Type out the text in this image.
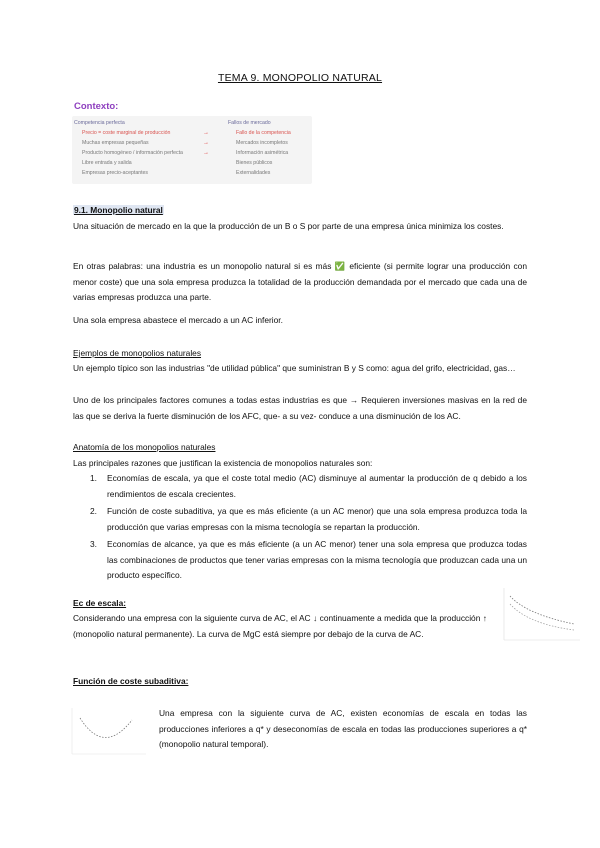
TEMA 9. MONOPOLIO NATURAL
Contexto:
Competencia perfecta
Precio = coste marginal de producción
Muchas empresas pequeñas
Producto homogéneo / información perfecta
Libre entrada y salida
Empresas precio-aceptantes
→
→
→
Fallos de mercado
Fallo de la competencia
Mercados incompletos
Información asimétrica
Bienes públicos
Externalidades
9.1. Monopolio natural
Una situación de mercado en la que la producción de un B o S por parte de una empresa única minimiza los costes.
En otras palabras: una industria es un monopolio natural si es más ✅ eficiente (si permite lograr una producción con menor coste) que una sola empresa produzca la totalidad de la producción demandada por el mercado que cada una de varias empresas produzca una parte.
Una sola empresa abastece el mercado a un AC inferior.
Ejemplos de monopolios naturales
Un ejemplo típico son las industrias "de utilidad pública" que suministran B y S como: agua del grifo, electricidad, gas…
Uno de los principales factores comunes a todas estas industrias es que → Requieren inversiones masivas en la red de las que se deriva la fuerte disminución de los AFC, que- a su vez- conduce a una disminución de los AC.
Anatomía de los monopolios naturales
Las principales razones que justifican la existencia de monopolios naturales son:
1. Economías de escala, ya que el coste total medio (AC) disminuye al aumentar la producción de q debido a los rendimientos de escala crecientes.
2. Función de coste subaditiva, ya que es más eficiente (a un AC menor) que una sola empresa produzca toda la producción que varias empresas con la misma tecnología se repartan la producción.
3. Economías de alcance, ya que es más eficiente (a un AC menor) tener una sola empresa que produzca todas las combinaciones de productos que tener varias empresas con la misma tecnología que produzcan cada una un producto específico.
Ec de escala:
Considerando una empresa con la siguiente curva de AC, el AC ↓ continuamente a medida que la producción ↑ (monopolio natural permanente). La curva de MgC está siempre por debajo de la curva de AC.
Función de coste subaditiva:
Una empresa con la siguiente curva de AC, existen economías de escala en todas las producciones inferiores a q* y deseconomías de escala en todas las producciones superiores a q*(monopolio natural temporal).
